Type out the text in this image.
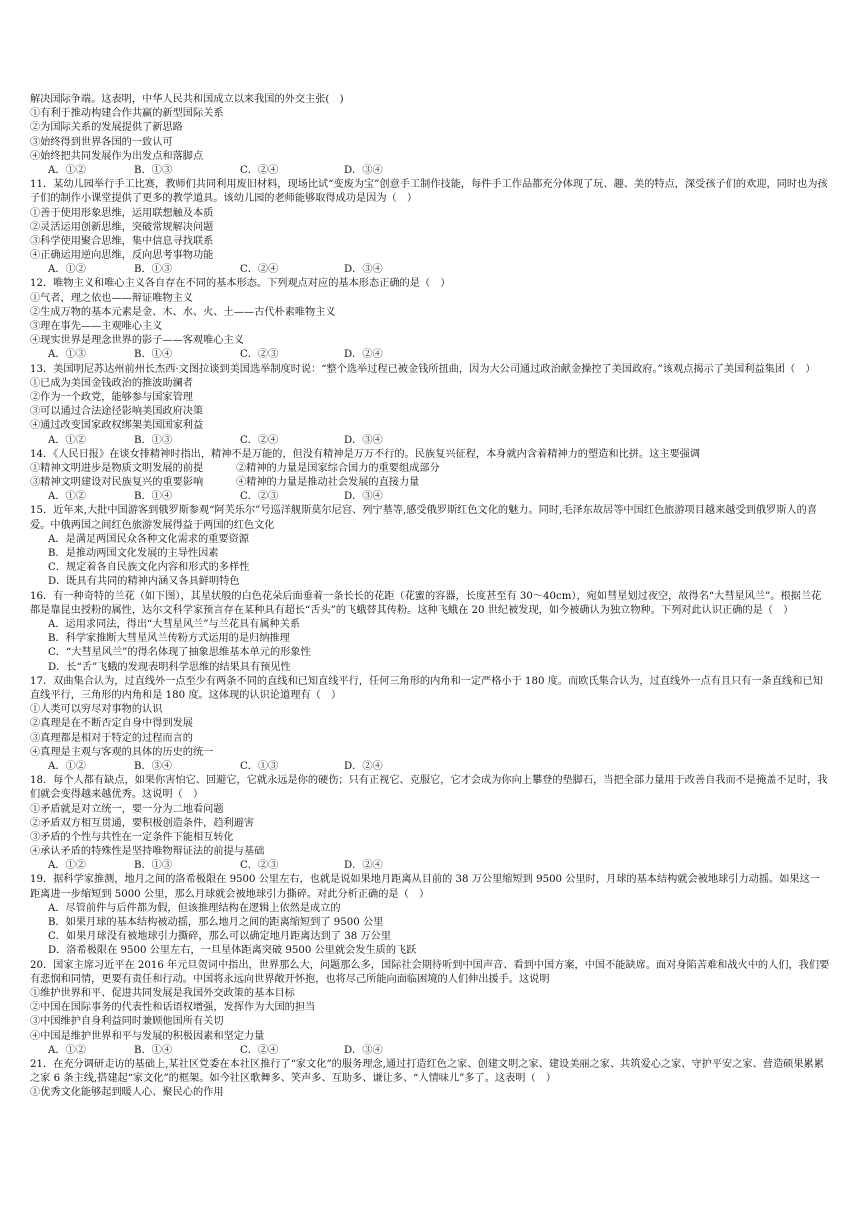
解决国际争端。这表明，中华人民共和国成立以来我国的外交主张(　)
①有利于推动构建合作共赢的新型国际关系
②为国际关系的发展提供了新思路
③始终得到世界各国的一致认可
④始终把共同发展作为出发点和落脚点
A．①②	B．①③	C．②④	D．③④
11．某幼儿园举行手工比赛，教师们共同利用废旧材料，现场比试“变废为宝”创意手工制作技能，每件手工作品都充分体现了玩、趣、美的特点，深受孩子们的欢迎，同时也为孩子们的制作小课堂提供了更多的教学道具。该幼儿园的老师能够取得成功是因为（　）
①善于使用形象思维，运用联想触及本质
②灵活运用创新思维，突破常规解决问题
③科学使用聚合思维，集中信息寻找联系
④正确运用逆向思维，反向思考事物功能
A．①②	B．①③	C．②④	D．③④
12．唯物主义和唯心主义各自存在不同的基本形态。下列观点对应的基本形态正确的是（　）
①气者，理之依也——辩证唯物主义
②生成万物的基本元素是金、木、水、火、土——古代朴素唯物主义
③理在事先——主观唯心主义
④现实世界是理念世界的影子——客观唯心主义
A．①③	B．①④	C．②③	D．②④
13．美国明尼苏达州前州长杰西·文图拉谈到美国选举制度时说：“整个选举过程已被金钱所扭曲，因为大公司通过政治献金操控了美国政府。”该观点揭示了美国利益集团（　）
①已成为美国金钱政治的推波助澜者
②作为一个政党，能够参与国家管理
③可以通过合法途径影响美国政府决策
④通过改变国家政权绑架美国国家利益
A．①②	B．①③	C．②④	D．③④
14．《人民日报》在谈女排精神时指出，精神不是万能的，但没有精神是万万不行的。民族复兴征程，本身就内含着精神力的塑造和比拼。这主要强调
①精神文明进步是物质文明发展的前提	②精神的力量是国家综合国力的重要组成部分
③精神文明建设对民族复兴的重要影响	④精神的力量是推动社会发展的直接力量
A．①②	B．①④	C．②③	D．③④
15．近年来,大批中国游客到俄罗斯参观“阿芙乐尔”号巡洋舰斯莫尔尼宫、列宁墓等,感受俄罗斯红色文化的魅力。同时,毛泽东故居等中国红色旅游项目越来越受到俄罗斯人的喜爱。中俄两国之间红色旅游发展得益于两国的红色文化
A．是满足两国民众各种文化需求的重要资源
B．是推动两国文化发展的主导性因素
C．规定着各自民族文化内容和形式的多样性
D．既具有共同的精神内涵又各具鲜明特色
16．有一种奇特的兰花（如下图），其星状般的白色花朵后面垂着一条长长的花距（花蜜的容器，长度甚至有 30～40cm），宛如彗星划过夜空，故得名“大彗星风兰”。根据兰花都是靠昆虫授粉的属性，达尔文科学家预言存在某种具有超长“舌头”的飞蛾替其传粉。这种飞蛾在 20 世纪被发现，如今被确认为独立物种。下列对此认识正确的是（　）
A．运用求同法，得出“大彗星风兰”与兰花具有属种关系
B．科学家推断大彗星风兰传粉方式运用的是归纳推理
C．“大彗星风兰”的得名体现了抽象思维基本单元的形象性
D．长“舌”飞蛾的发现表明科学思维的结果具有预见性
17．双曲集合认为，过直线外一点至少有两条不同的直线和已知直线平行，任何三角形的内角和一定严格小于 180 度。而欧氏集合认为，过直线外一点有且只有一条直线和已知直线平行，三角形的内角和是 180 度。这体现的认识论道理有（　）
①人类可以穷尽对事物的认识
②真理是在不断否定自身中得到发展
③真理都是相对于特定的过程而言的
④真理是主观与客观的具体的历史的统一
A．①②	B．③④	C．①③	D．②④
18．每个人都有缺点，如果你害怕它、回避它，它就永远是你的硬伤；只有正视它、克服它，它才会成为你向上攀登的垫脚石，当把全部力量用于改善自我而不是掩盖不足时，我们就会变得越来越优秀。这说明（　）
①矛盾就是对立统一，要一分为二地看问题
②矛盾双方相互贯通，要积极创造条件，趋利避害
③矛盾的个性与共性在一定条件下能相互转化
④承认矛盾的特殊性是坚持唯物辩证法的前提与基础
A．①②	B．①③	C．②③	D．②④
19．据科学家推测，地月之间的洛希极限在 9500 公里左右，也就是说如果地月距离从目前的 38 万公里缩短到 9500 公里时，月球的基本结构就会被地球引力动摇。如果这一距离进一步缩短到 5000 公里，那么月球就会被地球引力撕碎。对此分析正确的是（　）
A．尽管前件与后件都为假，但该推理结构在逻辑上依然是成立的
B．如果月球的基本结构被动摇，那么地月之间的距离缩短到了 9500 公里
C．如果月球没有被地球引力撕碎，那么可以确定地月距离达到了 38 万公里
D．洛希极限在 9500 公里左右，一旦星体距离突破 9500 公里就会发生质的飞跃
20．国家主席习近平在 2016 年元旦贺词中指出，世界那么大，问题那么多，国际社会期待听到中国声音、看到中国方案，中国不能缺席。面对身陷苦难和战火中的人们，我们要有悲悯和同情，更要有责任和行动。中国将永远向世界敞开怀抱，也将尽己所能向面临困境的人们伸出援手。这说明
①维护世界和平、促进共同发展是我国外交政策的基本目标
②中国在国际事务的代表性和话语权增强，发挥作为大国的担当
③中国维护自身利益同时兼顾他国所有关切
④中国是维护世界和平与发展的积极因素和坚定力量
A．①②	B．①④	C．②④	D．③④
21．在充分调研走访的基础上,某社区党委在本社区推行了“家文化”的服务理念,通过打造红色之家、创建文明之家、建设美丽之家、共筑爱心之家、守护平安之家、营造硕果累累之家 6 条主线,搭建起“家文化”的框架。如今社区歌舞多、笑声多、互助多、谦让多、“人情味儿”多了。这表明（　）
①优秀文化能够起到暖人心、聚民心的作用
